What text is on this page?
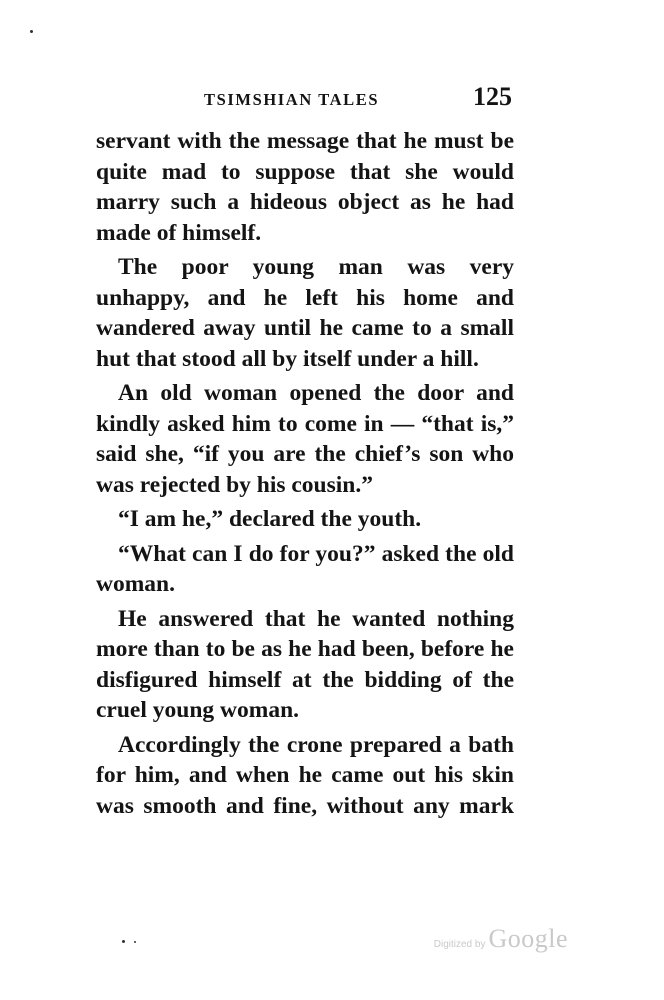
TSIMSHIAN TALES	125

servant with the message that he must be quite mad to suppose that she would marry such a hideous object as he had made of himself.

The poor young man was very unhappy, and he left his home and wandered away until he came to a small hut that stood all by itself under a hill.

An old woman opened the door and kindly asked him to come in — “that is,” said she, “if you are the chief’s son who was rejected by his cousin.”

“I am he,” declared the youth.

“What can I do for you?” asked the old woman.

He answered that he wanted nothing more than to be as he had been, before he disfigured himself at the bidding of the cruel young woman.

Accordingly the crone prepared a bath for him, and when he came out his skin was smooth and fine, without any mark

Digitized by Google
